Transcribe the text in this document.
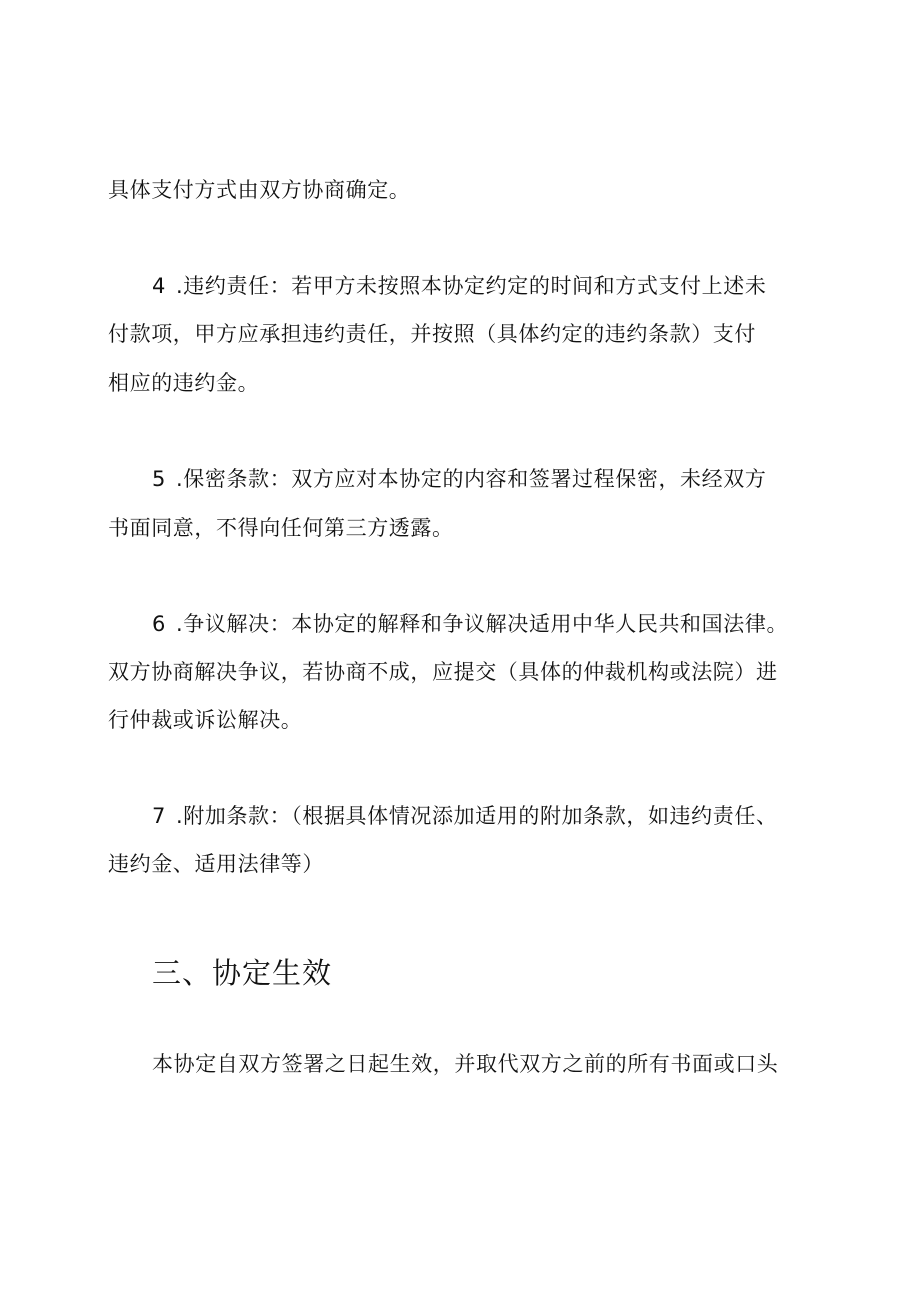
具体支付方式由双方协商确定。
4 .违约责任：若甲方未按照本协定约定的时间和方式支付上述未
付款项，甲方应承担违约责任，并按照（具体约定的违约条款）支付
相应的违约金。
5 .保密条款：双方应对本协定的内容和签署过程保密，未经双方
书面同意，不得向任何第三方透露。
6 .争议解决：本协定的解释和争议解决适用中华人民共和国法律。
双方协商解决争议，若协商不成，应提交（具体的仲裁机构或法院）进
行仲裁或诉讼解决。
7 .附加条款：（根据具体情况添加适用的附加条款，如违约责任、
违约金、适用法律等）
三、协定生效
本协定自双方签署之日起生效，并取代双方之前的所有书面或口头
